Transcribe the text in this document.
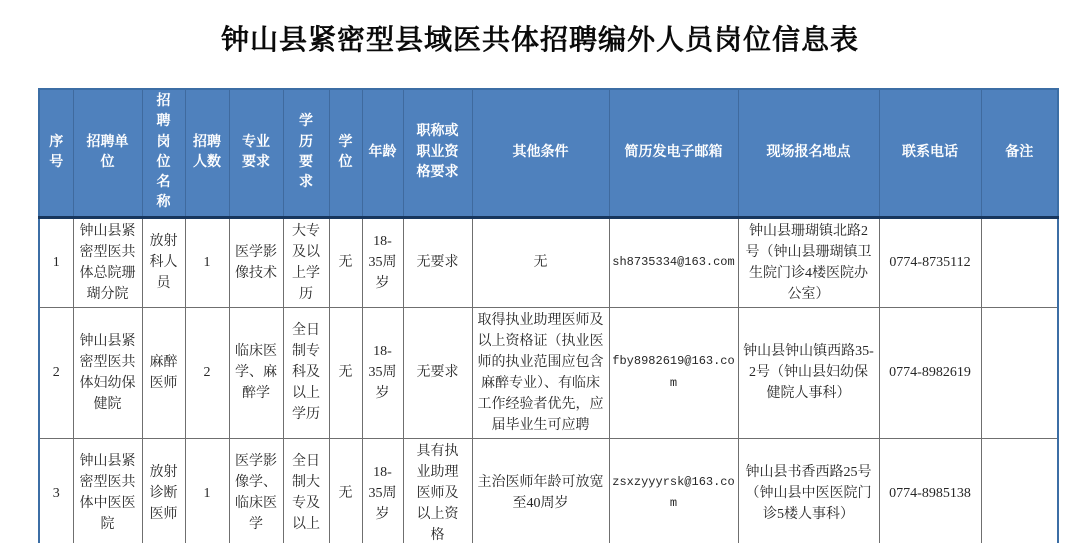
钟山县紧密型县域医共体招聘编外人员岗位信息表
序号	招聘单位	招聘岗位名称	招聘人数	专业要求	学历要求	学位	年龄	职称或职业资格要求	其他条件	简历发电子邮箱	现场报名地点	联系电话	备注
1	钟山县紧密型医共体总院珊瑚分院	放射科人员	1	医学影像技术	大专及以上学历	无	18-35周岁	无要求	无	sh8735334@163.com	钟山县珊瑚镇北路2号（钟山县珊瑚镇卫生院门诊4楼医院办公室）	0774-8735112	
2	钟山县紧密型医共体妇幼保健院	麻醉医师	2	临床医学、麻醉学	全日制专科及以上学历	无	18-35周岁	无要求	取得执业助理医师及以上资格证（执业医师的执业范围应包含麻醉专业）、有临床工作经验者优先，应届毕业生可应聘	fby8982619@163.com	钟山县钟山镇西路35-2号（钟山县妇幼保健院人事科）	0774-8982619	
3	钟山县紧密型医共体中医医院	放射诊断医师	1	医学影像学、临床医学	全日制大专及以上	无	18-35周岁	具有执业助理医师及以上资格	主治医师年龄可放宽至40周岁	zsxzyyyrsk@163.com	钟山县书香西路25号（钟山县中医医院门诊5楼人事科）	0774-8985138	
